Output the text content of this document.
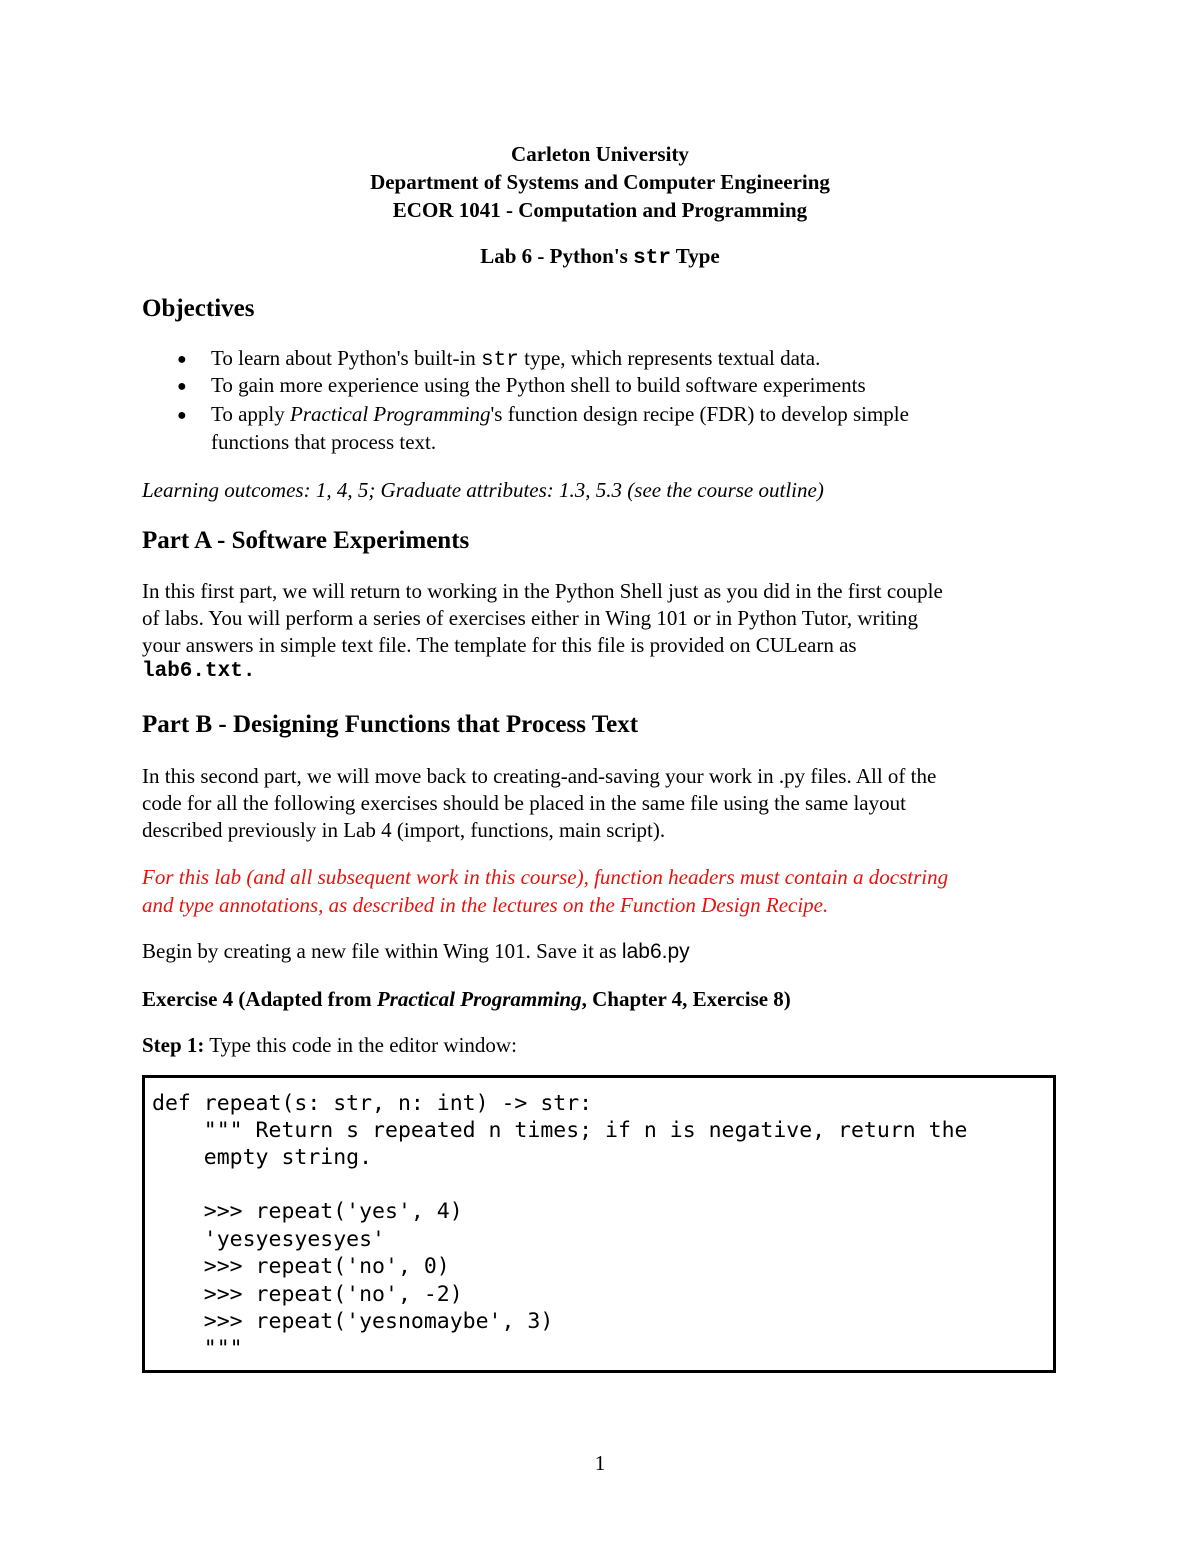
Carleton University
Department of Systems and Computer Engineering
ECOR 1041 - Computation and Programming
Lab 6 - Python's str Type
Objectives
● To learn about Python's built-in str type, which represents textual data.
● To gain more experience using the Python shell to build software experiments
● To apply Practical Programming's function design recipe (FDR) to develop simple
functions that process text.
Learning outcomes: 1, 4, 5; Graduate attributes: 1.3, 5.3 (see the course outline)
Part A - Software Experiments
In this first part, we will return to working in the Python Shell just as you did in the first couple
of labs. You will perform a series of exercises either in Wing 101 or in Python Tutor, writing
your answers in simple text file. The template for this file is provided on CULearn as
lab6.txt.
Part B - Designing Functions that Process Text
In this second part, we will move back to creating-and-saving your work in .py files. All of the
code for all the following exercises should be placed in the same file using the same layout
described previously in Lab 4 (import, functions, main script).
For this lab (and all subsequent work in this course), function headers must contain a docstring
and type annotations, as described in the lectures on the Function Design Recipe.
Begin by creating a new file within Wing 101. Save it as lab6.py
Exercise 4 (Adapted from Practical Programming, Chapter 4, Exercise 8)
Step 1: Type this code in the editor window:
def repeat(s: str, n: int) -> str:
""" Return s repeated n times; if n is negative, return the
empty string.
>>> repeat('yes', 4)
'yesyesyesyes'
>>> repeat('no', 0)
>>> repeat('no', -2)
>>> repeat('yesnomaybe', 3)
"""
1
